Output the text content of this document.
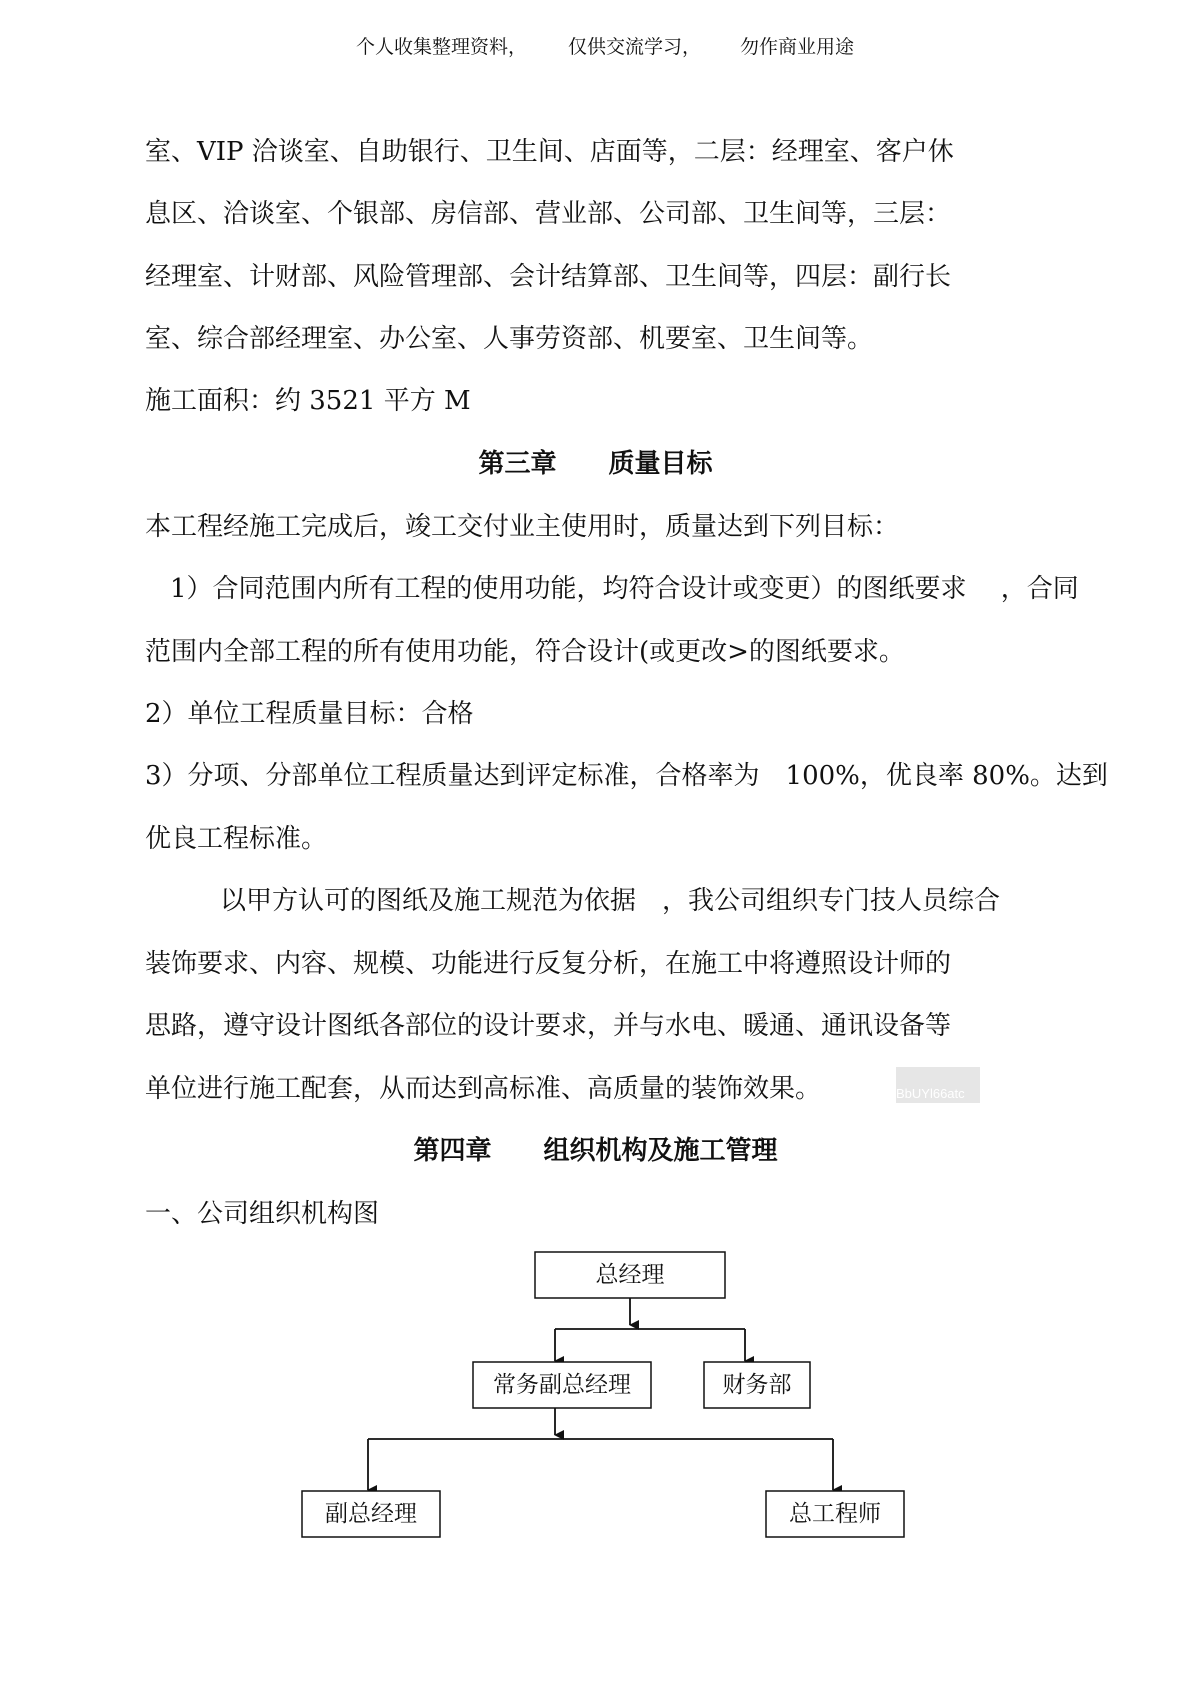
个人收集整理资料， 仅供交流学习， 勿作商业用途
室、VIP 洽谈室、自助银行、卫生间、店面等，二层：经理室、客户休
息区、洽谈室、个银部、房信部、营业部、公司部、卫生间等，三层：
经理室、计财部、风险管理部、会计结算部、卫生间等，四层：副行长
室、综合部经理室、办公室、人事劳资部、机要室、卫生间等。
施工面积：约 3521 平方 M
第三章　　质量目标
本工程经施工完成后，竣工交付业主使用时，质量达到下列目标：
1）合同范围内所有工程的使用功能，均符合设计或变更）的图纸要求　 ，合同
范围内全部工程的所有使用功能，符合设计(或更改>的图纸要求。
2）单位工程质量目标：合格
3）分项、分部单位工程质量达到评定标准，合格率为　100%，优良率 80%。达到
优良工程标准。
以甲方认可的图纸及施工规范为依据　，我公司组织专门技人员综合
装饰要求、内容、规模、功能进行反复分析，在施工中将遵照设计师的
思路，遵守设计图纸各部位的设计要求，并与水电、暖通、通讯设备等
单位进行施工配套，从而达到高标准、高质量的装饰效果。	BbUYl66atc
第四章　　组织机构及施工管理
一、公司组织机构图
总经理
常务副总经理	财务部
副总经理	总工程师
